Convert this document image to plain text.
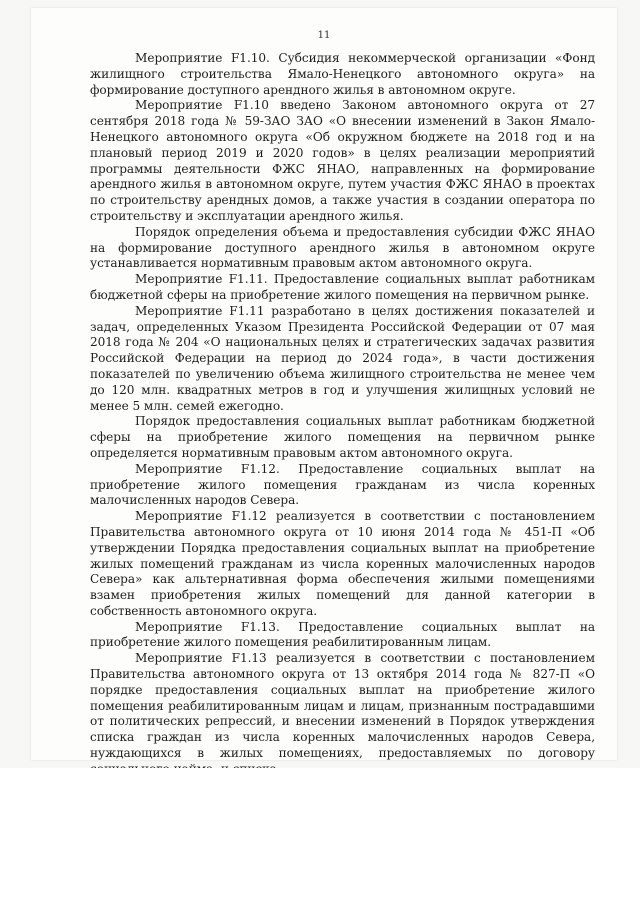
11

Мероприятие F1.10. Субсидия некоммерческой организации «Фонд жилищного строительства Ямало-Ненецкого автономного округа» на формирование доступного арендного жилья в автономном округе.

Мероприятие F1.10 введено Законом автономного округа от 27 сентября 2018 года № 59-ЗАО ЗАО «О внесении изменений в Закон Ямало-Ненецкого автономного округа «Об окружном бюджете на 2018 год и на плановый период 2019 и 2020 годов» в целях реализации мероприятий программы деятельности ФЖС ЯНАО, направленных на формирование арендного жилья в автономном округе, путем участия ФЖС ЯНАО в проектах по строительству арендных домов, а также участия в создании оператора по строительству и эксплуатации арендного жилья.

Порядок определения объема и предоставления субсидии ФЖС ЯНАО на формирование доступного арендного жилья в автономном округе устанавливается нормативным правовым актом автономного округа.

Мероприятие F1.11. Предоставление социальных выплат работникам бюджетной сферы на приобретение жилого помещения на первичном рынке.

Мероприятие F1.11 разработано в целях достижения показателей и задач, определенных Указом Президента Российской Федерации от 07 мая 2018 года № 204 «О национальных целях и стратегических задачах развития Российской Федерации на период до 2024 года», в части достижения показателей по увеличению объема жилищного строительства не менее чем до 120 млн. квадратных метров в год и улучшения жилищных условий не менее 5 млн. семей ежегодно.

Порядок предоставления социальных выплат работникам бюджетной сферы на приобретение жилого помещения на первичном рынке определяется нормативным правовым актом автономного округа.

Мероприятие F1.12. Предоставление социальных выплат на приобретение жилого помещения гражданам из числа коренных малочисленных народов Севера.

Мероприятие F1.12 реализуется в соответствии с постановлением Правительства автономного округа от 10 июня 2014 года № 451-П «Об утверждении Порядка предоставления социальных выплат на приобретение жилых помещений гражданам из числа коренных малочисленных народов Севера» как альтернативная форма обеспечения жилыми помещениями взамен приобретения жилых помещений для данной категории в собственность автономного округа.

Мероприятие F1.13. Предоставление социальных выплат на приобретение жилого помещения реабилитированным лицам.

Мероприятие F1.13 реализуется в соответствии с постановлением Правительства автономного округа от 13 октября 2014 года № 827-П «О порядке предоставления социальных выплат на приобретение жилого помещения реабилитированным лицам и лицам, признанным пострадавшими от политических репрессий, и внесении изменений в Порядок утверждения списка граждан из числа коренных малочисленных народов Севера, нуждающихся в жилых помещениях, предоставляемых по договору
